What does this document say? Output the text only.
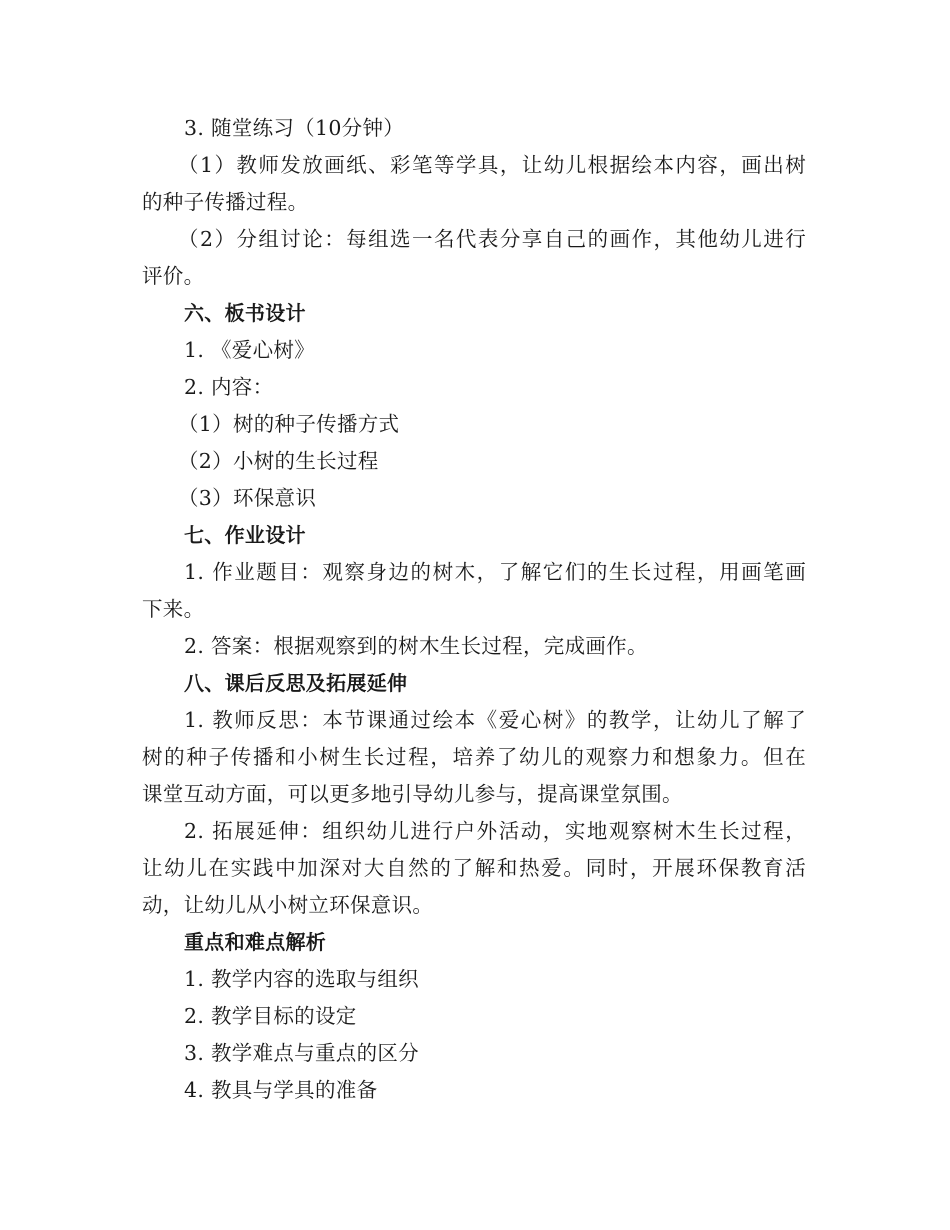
3. 随堂练习（10分钟）
（1）教师发放画纸、彩笔等学具，让幼儿根据绘本内容，画出树
的种子传播过程。
（2）分组讨论：每组选一名代表分享自己的画作，其他幼儿进行
评价。
六、板书设计
1. 《爱心树》
2. 内容：
（1）树的种子传播方式
（2）小树的生长过程
（3）环保意识
七、作业设计
1. 作业题目：观察身边的树木，了解它们的生长过程，用画笔画
下来。
2. 答案：根据观察到的树木生长过程，完成画作。
八、课后反思及拓展延伸
1. 教师反思：本节课通过绘本《爱心树》的教学，让幼儿了解了
树的种子传播和小树生长过程，培养了幼儿的观察力和想象力。但在
课堂互动方面，可以更多地引导幼儿参与，提高课堂氛围。
2. 拓展延伸：组织幼儿进行户外活动，实地观察树木生长过程，
让幼儿在实践中加深对大自然的了解和热爱。同时，开展环保教育活
动，让幼儿从小树立环保意识。
重点和难点解析
1. 教学内容的选取与组织
2. 教学目标的设定
3. 教学难点与重点的区分
4. 教具与学具的准备
